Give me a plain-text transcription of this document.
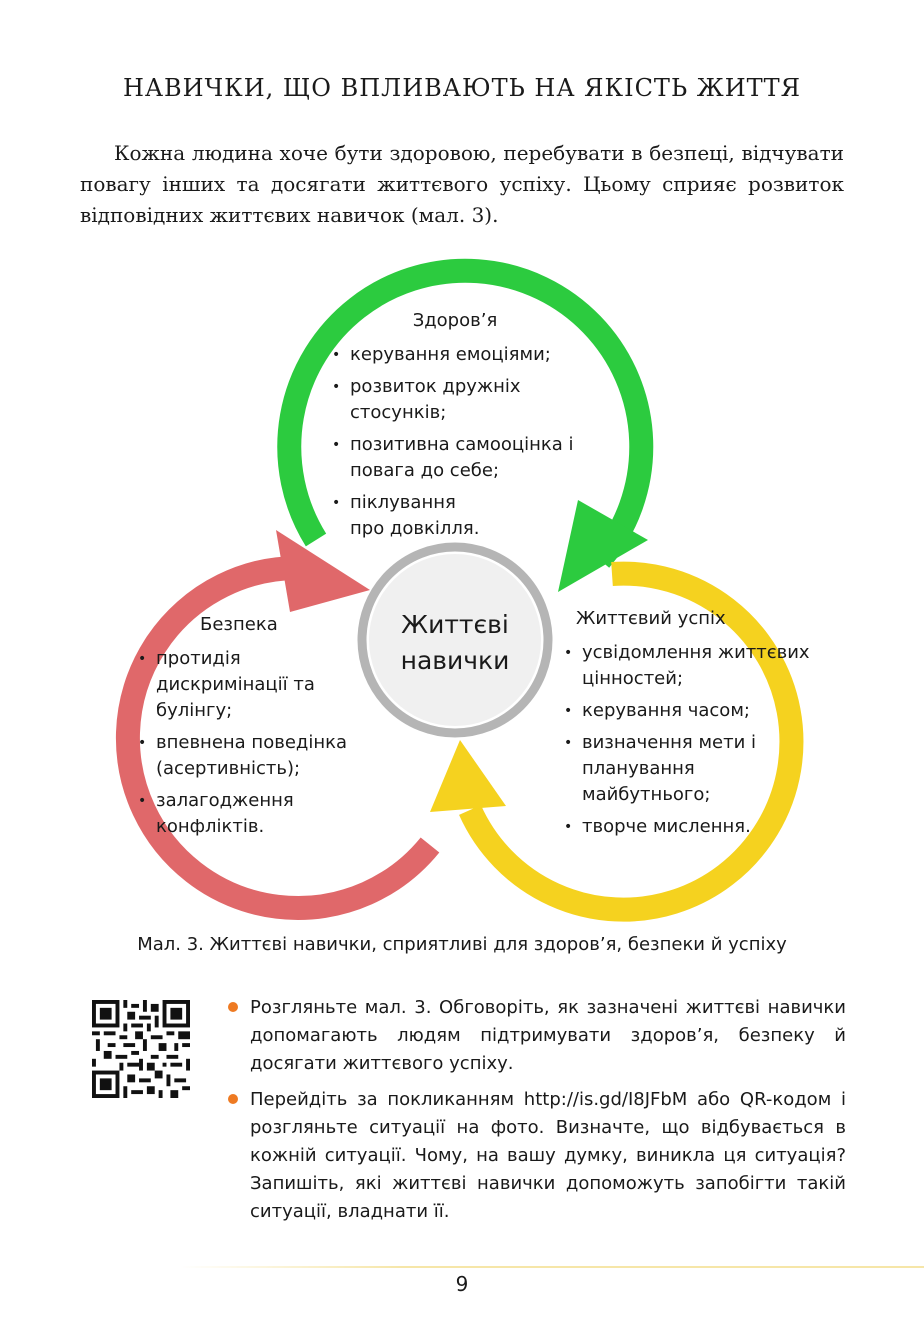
НАВИЧКИ, ЩО ВПЛИВАЮТЬ НА ЯКІСТЬ ЖИТТЯ
Кожна людина хоче бути здоровою, перебувати в безпеці, відчувати повагу інших та досягати життєвого успіху. Цьому сприяє розвиток відповідних життєвих навичок (мал. 3).
Життєві
навички
Здоров’я
• керування емоціями;
• розвиток дружніх стосунків;
• позитивна самооцінка і повага до себе;
• піклування про довкілля.
Безпека
• протидія дискримінації та булінгу;
• впевнена поведінка (асертивність);
• залагодження конфліктів.
Життєвий успіх
• усвідомлення життєвих цінностей;
• керування часом;
• визначення мети і планування майбутнього;
• творче мислення.
Мал. 3. Життєві навички, сприятливі для здоров’я, безпеки й успіху

Розгляньте мал. 3. Обговоріть, як зазначені життєві навички допомагають людям підтримувати здоров’я, безпеку й досягати життєвого успіху.

Перейдіть за покликанням http://is.gd/I8JFbM або QR-кодом і розгляньте ситуації на фото. Визначте, що відбувається в кожній ситуації. Чому, на вашу думку, виникла ця ситуація? Запишіть, які життєві навички допоможуть запобігти такій ситуації, владнати її.

9
